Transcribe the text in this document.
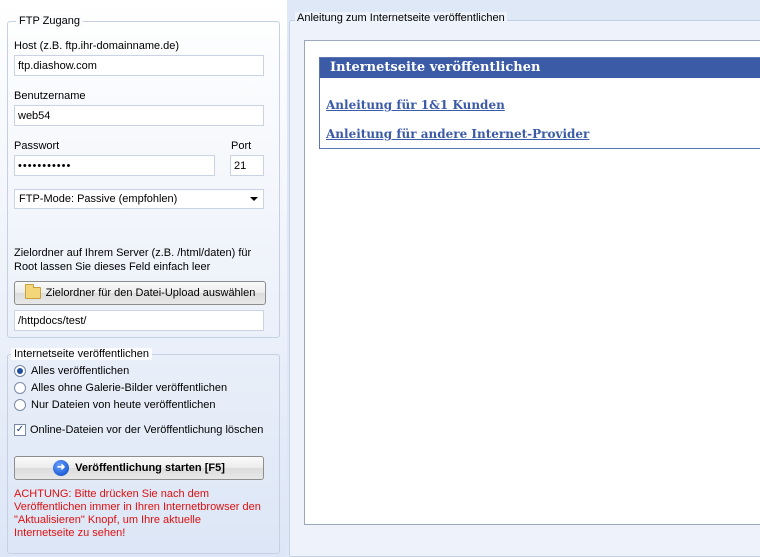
FTP Zugang
Host (z.B. ftp.ihr-domainname.de)
ftp.diashow.com
Benutzername
web54
Passwort	Port
•••••••••••	21
FTP-Mode: Passive (empfohlen)
Zielordner auf Ihrem Server (z.B. /html/daten) für
Root lassen Sie dieses Feld einfach leer
Zielordner für den Datei-Upload auswählen
/httpdocs/test/
Internetseite veröffentlichen
Alles veröffentlichen
Alles ohne Galerie-Bilder veröffentlichen
Nur Dateien von heute veröffentlichen
✓ Online-Dateien vor der Veröffentlichung löschen
➜ Veröffentlichung starten [F5]
ACHTUNG: Bitte drücken Sie nach dem
Veröffentlichen immer in Ihren Internetbrowser den
"Aktualisieren" Knopf, um Ihre aktuelle
Internetseite zu sehen!
Anleitung zum Internetseite veröffentlichen
Internetseite veröffentlichen
Anleitung für 1&1 Kunden
Anleitung für andere Internet-Provider
